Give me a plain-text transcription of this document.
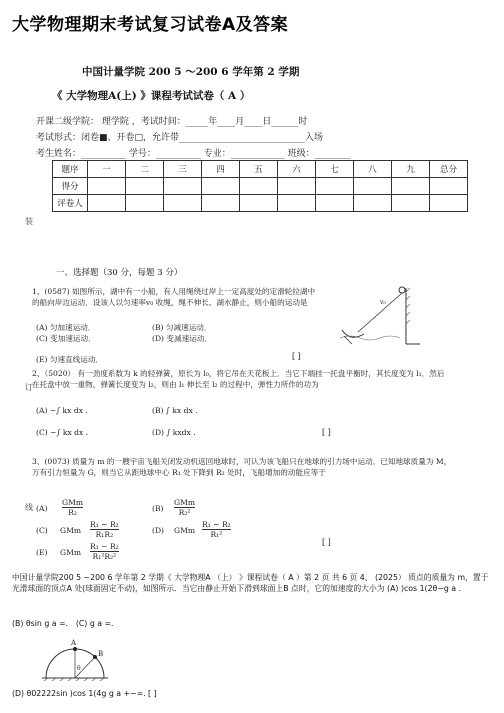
大学物理期末考试复习试卷A及答案
中国计量学院 200 5 ～200 6 学年第 2 学期
《 大学物理A(上) 》课程考试试卷（ A ）
开课二级学院： 理学院 ，考试时间：_____年____月____日______时
考试形式：闭卷■、开卷□，允许带____________________________入场
考生姓名：__________ 学号：__________ 专业：____________ 班级：________
题序	一	二	三	四	五	六	七	八	九	总分
得分										
评卷人										
装
订
线
一、选择题（30 分，每题 3 分）
1、(0587) 如图所示，湖中有一小船，有人用绳绕过岸上一定高度处的定滑轮拉湖中的船向岸边运动．设该人以匀速率v₀ 收绳，绳不伸长、湖水静止，则小船的运动是
(A) 匀加速运动．	(B) 匀减速运动．
(C) 变加速运动．	(D) 变减速运动．
(E) 匀速直线运动．	[ ]
v₀
2、（5020） 有一劲度系数为 k 的轻弹簧，原长为 l₀，将它吊在天花板上．当它下端挂一托盘平衡时，其长度变为 l₁．然后在托盘中放一重物，弹簧长度变为 l₂，则由 l₁ 伸长至 l₂ 的过程中，弹性力所作的功为
(A) −∫ kx dx .	(B) ∫ kx dx .
(C) −∫ kx dx .	(D) ∫ kxdx .	[ ]
3、(0073) 质量为 m 的一艘宇宙飞船关闭发动机返回地球时，可认为该飞船只在地球的引力场中运动．已知地球质量为 M，万有引力恒量为 G，则当它从距地球中心 R₁ 处下降到 R₂ 处时，飞船增加的动能应等于
(A)
GMm
R₂	(B)
GMm
R₂²
(C) GMm $\frac{\text{R₁ − R₂}}{\text{R₁R₂}}$	(D) GMm $\frac{\text{R₁ − R₂}}{\text{R₁²}}$
(E) GMm $\frac{\text{R₁ − R₂}}{\text{R₁²R₂²}}$	[ ]
中国计量学院200 5 ~200 6 学年第 2 学期《 大学物理A （上） 》课程试卷（ A ）第 2 页 共 6 页 4、 (2025） 质点的质量为 m，置于光滑球面的顶点A 处(球面固定不动)，如图所示．当它由静止开始下滑到球面上B 点时，它的加速度的大小为 (A) )cos 1(2θ−g a .
(B) θsin g a =． (C) g a =．
A
B
θ
(D) θ02222sin )cos 1(4g g a +−=. [ ]
